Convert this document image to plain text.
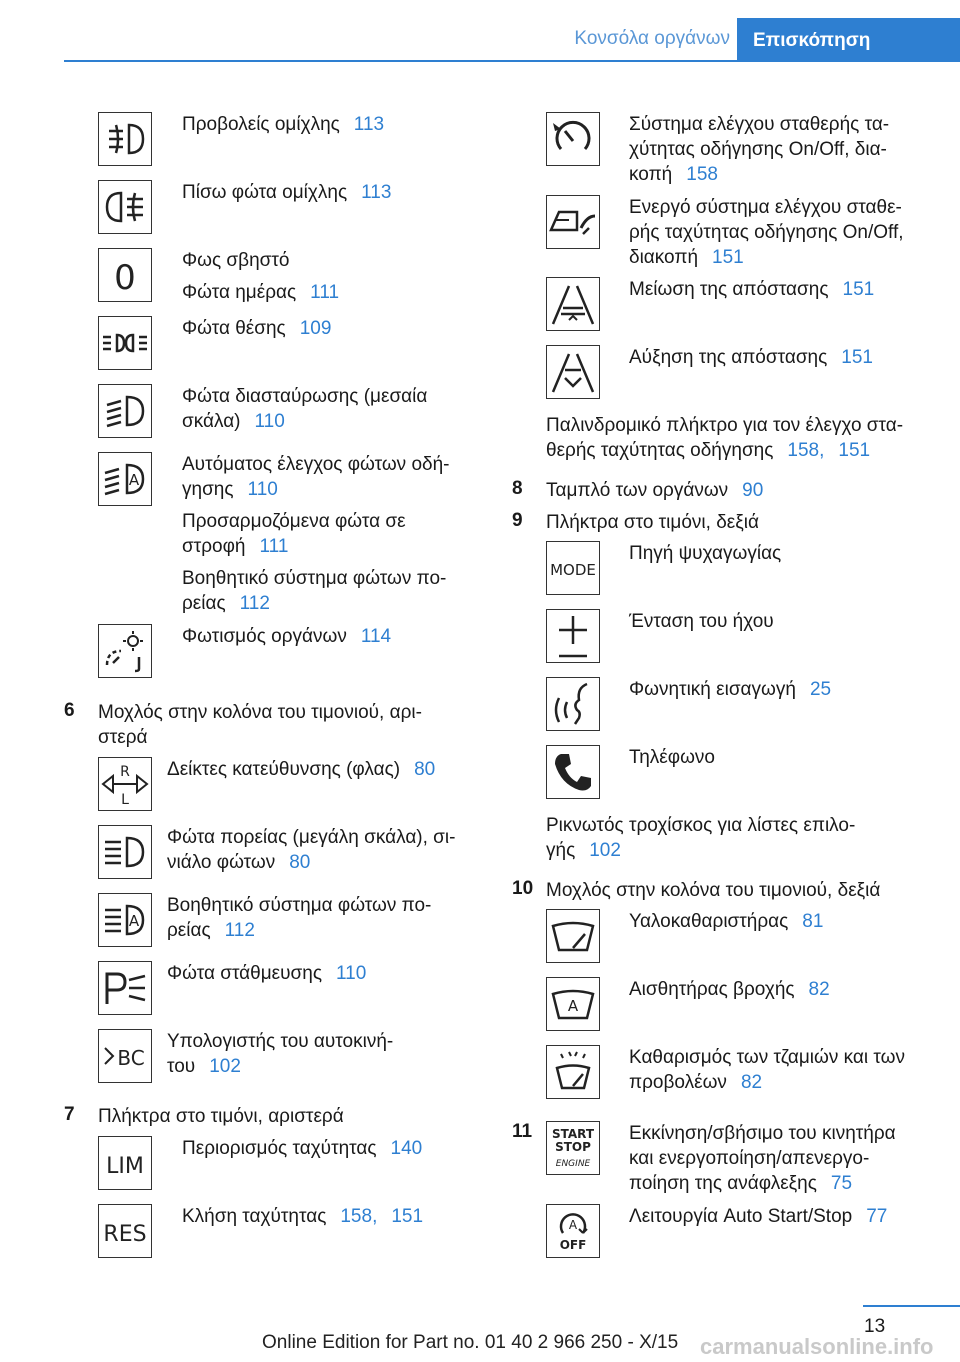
Κονσόλα οργάνων	Επισκόπηση
Προβολείς ομίχλης 113
Πίσω φώτα ομίχλης 113
0 Φως σβηστό
Φώτα ημέρας 111
Φώτα θέσης 109
Φώτα διασταύρωσης (μεσαία
σκάλα) 110
A
Αυτόματος έλεγχος φώτων οδή-
γησης 110
Προσαρμοζόμενα φώτα σε
στροφή 111
Βοηθητικό σύστημα φώτων πο-
ρείας 112
Φωτισμός οργάνων 114
6 Μοχλός στην κολόνα του τιμονιού, αρι-
στερά
R
L
Δείκτες κατεύθυνσης (φλας) 80
Φώτα πορείας (μεγάλη σκάλα), σι-
νιάλο φώτων 80
A
Βοηθητικό σύστημα φώτων πο-
ρείας 112
Φώτα στάθμευσης 110
BC
Υπολογιστής του αυτοκινή-
του 102
7 Πλήκτρα στο τιμόνι, αριστερά
LIM
Περιορισμός ταχύτητας 140
RES
Κλήση ταχύτητας 158, 151
Σύστημα ελέγχου σταθερής τα-
χύτητας οδήγησης On/Off, δια-
κοπή 158
Ενεργό σύστημα ελέγχου σταθε-
ρής ταχύτητας οδήγησης On/Off,
διακοπή 151
Μείωση της απόστασης 151
Αύξηση της απόστασης 151
Παλινδρομικό πλήκτρο για τον έλεγχο στα-
θερής ταχύτητας οδήγησης 158, 151
8 Ταμπλό των οργάνων 90
9 Πλήκτρα στο τιμόνι, δεξιά
MODE
Πηγή ψυχαγωγίας
Ένταση του ήχου
Φωνητική εισαγωγή 25
Τηλέφωνο
Ρικνωτός τροχίσκος για λίστες επιλο-
γής 102
10 Μοχλός στην κολόνα του τιμονιού, δεξιά
Υαλοκαθαριστήρας 81
A
Αισθητήρας βροχής 82
Καθαρισμός των τζαμιών και των
προβολέων 82
11 START
STOP
ENGINE
Εκκίνηση/σβήσιμο του κινητήρα
και ενεργοποίηση/απενεργο-
ποίηση της ανάφλεξης 75
A
OFF
Λειτουργία Auto Start/Stop 77
13
Online Edition for Part no. 01 40 2 966 250 - X/15 carmanualsonline.info
